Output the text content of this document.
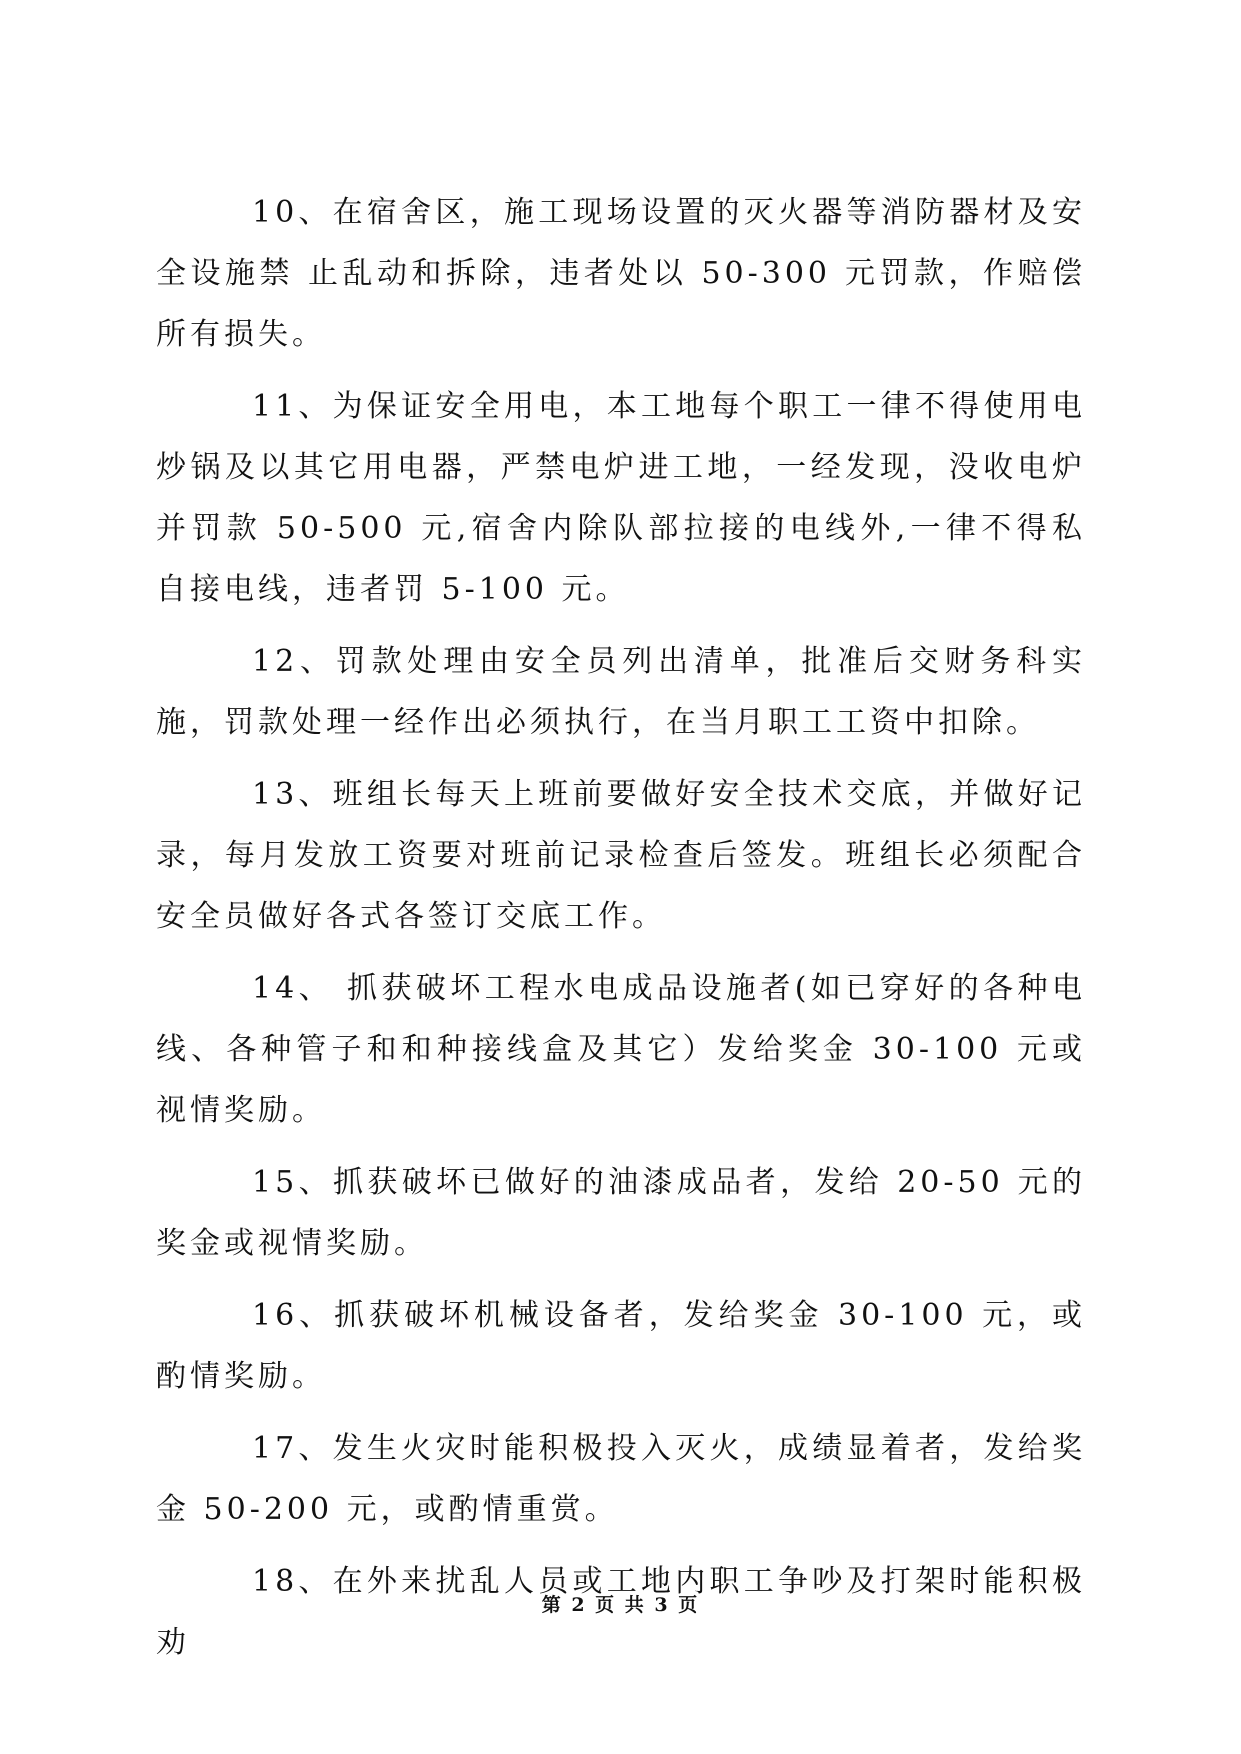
10、在宿舍区，施工现场设置的灭火器等消防器材及安全设施禁 止乱动和拆除，违者处以 50-300 元罚款，作赔偿所有损失。

11、为保证安全用电，本工地每个职工一律不得使用电炒锅及以其它用电器，严禁电炉进工地，一经发现，没收电炉并罚款 50-500 元,宿舍内除队部拉接的电线外,一律不得私自接电线，违者罚 5-100 元。

12、罚款处理由安全员列出清单，批准后交财务科实施，罚款处理一经作出必须执行，在当月职工工资中扣除。

13、班组长每天上班前要做好安全技术交底，并做好记录，每月发放工资要对班前记录检查后签发。班组长必须配合安全员做好各式各签订交底工作。

14、 抓获破坏工程水电成品设施者(如已穿好的各种电线、各种管子和和种接线盒及其它）发给奖金 30-100 元或视情奖励。

15、抓获破坏已做好的油漆成品者，发给 20-50 元的奖金或视情奖励。

16、抓获破坏机械设备者，发给奖金 30-100 元，或酌情奖励。

17、发生火灾时能积极投入灭火，成绩显着者，发给奖金 50-200 元，或酌情重赏。

18、在外来扰乱人员或工地内职工争吵及打架时能积极劝

第 2 页 共 3 页
